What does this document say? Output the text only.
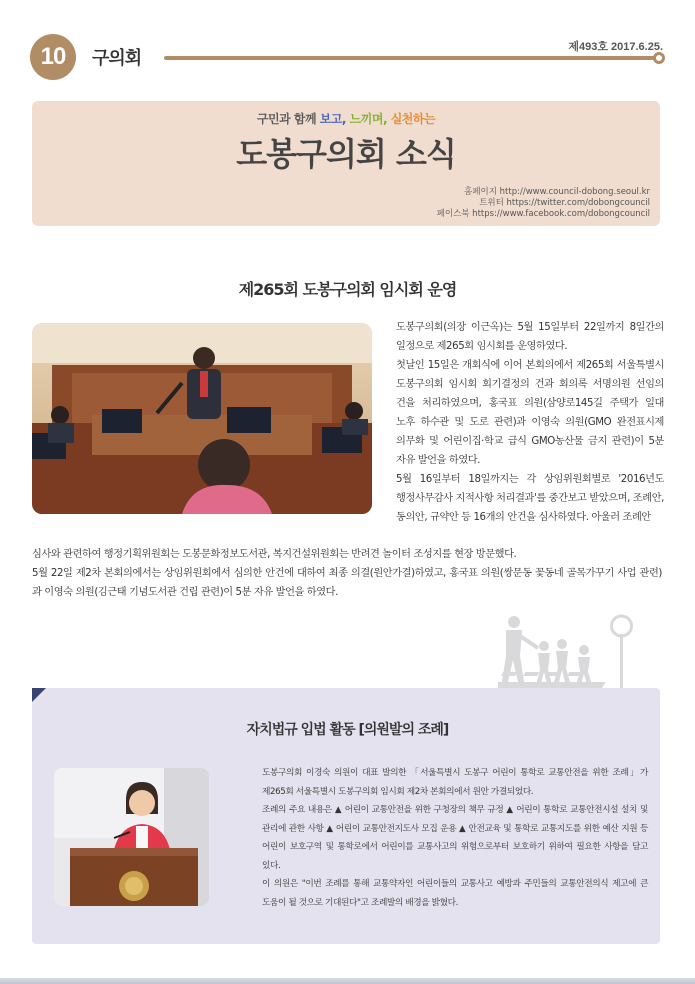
10	구의회
제493호 2017.6.25.
구민과 함께 보고, 느끼며, 실천하는
도봉구의회 소식
홈페이지 http://www.council-dobong.seoul.kr
트위터 https://twitter.com/dobongcouncil
페이스북 https://www.facebook.com/dobongcouncil
제265회 도봉구의회 임시회 운영

도봉구의회(의장 이근옥)는 5월 15일부터 22일까지 8일간의 일정으로 제265회 임시회를 운영하였다.

첫날인 15일은 개회식에 이어 본회의에서 제265회 서울특별시 도봉구의회 임시회 회기결정의 건과 회의록 서명의원 선임의 건을 처리하였으며, 홍국표 의원(삼양로145길 주택가 일대 노후 하수관 및 도로 관련)과 이영숙 의원(GMO 완전표시제 의무화 및 어린이집·학교 급식 GMO농산물 금지 관련)이 5분 자유 발언을 하였다.

5월 16일부터 18일까지는 각 상임위원회별로 '2016년도 행정사무감사 지적사항 처리결과'를 중간보고 받았으며, 조례안, 동의안, 규약안 등 16개의 안건을 심사하였다. 아울러 조례안

심사와 관련하여 행정기획위원회는 도봉문화정보도서관, 복지건설위원회는 반려견 놀이터 조성지를 현장 방문했다.

5월 22일 제2차 본회의에서는 상임위원회에서 심의한 안건에 대하여 최종 의결(원안가결)하였고, 홍국표 의원(쌍문동 꽃동네 골목가꾸기 사업 관련)과 이영숙 의원(김근태 기념도서관 건립 관련)이 5분 자유 발언을 하였다.

자치법규 입법 활동 [의원발의 조례]

도봉구의회 이경숙 의원이 대표 발의한 「서울특별시 도봉구 어린이 통학로 교통안전을 위한 조례」가 제265회 서울특별시 도봉구의회 임시회 제2차 본회의에서 원안 가결되었다.

조례의 주요 내용은 ▲ 어린이 교통안전을 위한 구청장의 책무 규정 ▲ 어린이 통학로 교통안전시설 설치 및 관리에 관한 사항 ▲ 어린이 교통안전지도사 모집 운용 ▲ 안전교육 및 통학로 교통지도를 위한 예산 지원 등 어린이 보호구역 및 통학로에서 어린이를 교통사고의 위험으로부터 보호하기 위하여 필요한 사항을 담고 있다.

이 의원은 "이번 조례를 통해 교통약자인 어린이들의 교통사고 예방과 주민들의 교통안전의식 제고에 큰 도움이 될 것으로 기대된다"고 조례발의 배경을 밝혔다.
